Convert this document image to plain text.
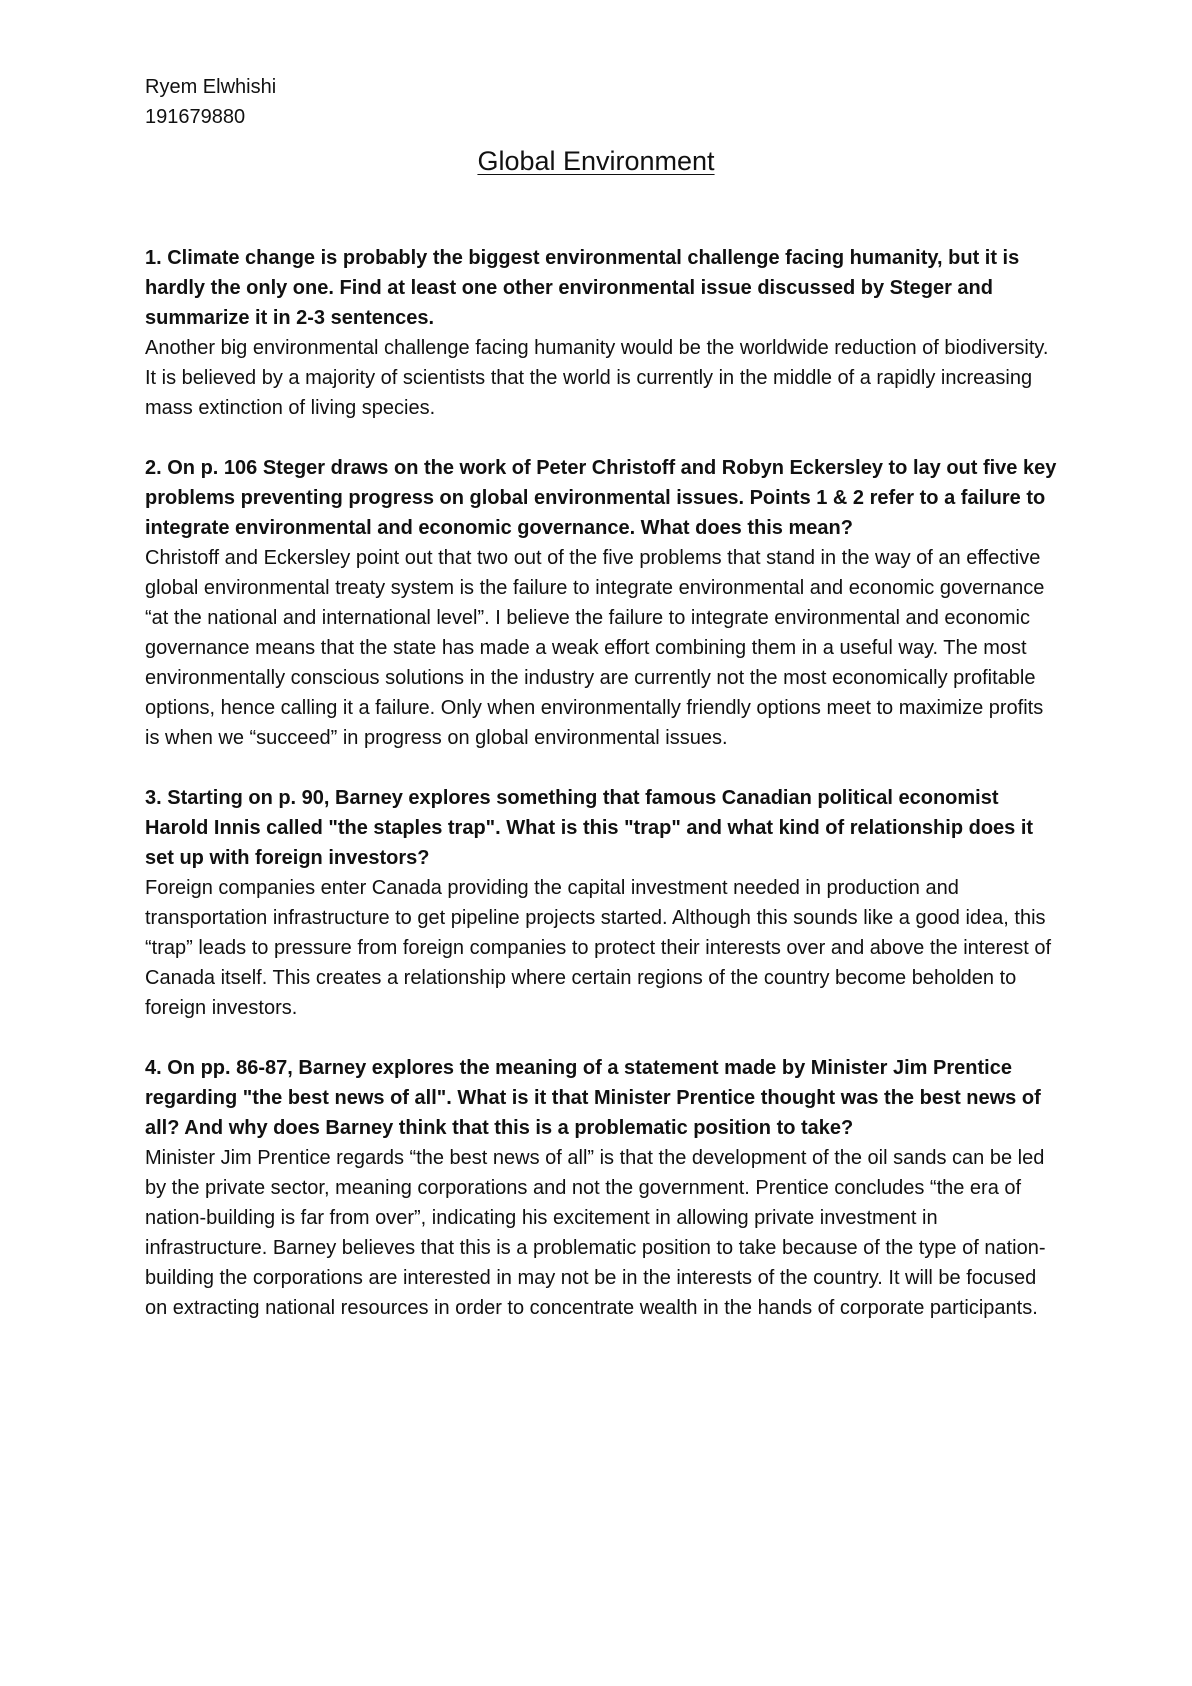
Ryem Elwhishi
191679880
Global Environment

1. Climate change is probably the biggest environmental challenge facing humanity, but it is hardly the only one. Find at least one other environmental issue discussed by Steger and summarize it in 2-3 sentences.

Another big environmental challenge facing humanity would be the worldwide reduction of biodiversity. It is believed by a majority of scientists that the world is currently in the middle of a rapidly increasing mass extinction of living species.

2. On p. 106 Steger draws on the work of Peter Christoff and Robyn Eckersley to lay out five key problems preventing progress on global environmental issues. Points 1 & 2 refer to a failure to integrate environmental and economic governance. What does this mean?

Christoff and Eckersley point out that two out of the five problems that stand in the way of an effective global environmental treaty system is the failure to integrate environmental and economic governance “at the national and international level”. I believe the failure to integrate environmental and economic governance means that the state has made a weak effort combining them in a useful way. The most environmentally conscious solutions in the industry are currently not the most economically profitable options, hence calling it a failure. Only when environmentally friendly options meet to maximize profits is when we “succeed” in progress on global environmental issues.

3. Starting on p. 90, Barney explores something that famous Canadian political economist Harold Innis called "the staples trap". What is this "trap" and what kind of relationship does it set up with foreign investors?

Foreign companies enter Canada providing the capital investment needed in production and transportation infrastructure to get pipeline projects started. Although this sounds like a good idea, this “trap” leads to pressure from foreign companies to protect their interests over and above the interest of Canada itself. This creates a relationship where certain regions of the country become beholden to foreign investors.

4. On pp. 86-87, Barney explores the meaning of a statement made by Minister Jim Prentice regarding "the best news of all". What is it that Minister Prentice thought was the best news of all? And why does Barney think that this is a problematic position to take?

Minister Jim Prentice regards “the best news of all” is that the development of the oil sands can be led by the private sector, meaning corporations and not the government. Prentice concludes “the era of nation-building is far from over”, indicating his excitement in allowing private investment in infrastructure. Barney believes that this is a problematic position to take because of the type of nation-building the corporations are interested in may not be in the interests of the country. It will be focused on extracting national resources in order to concentrate wealth in the hands of corporate participants.
